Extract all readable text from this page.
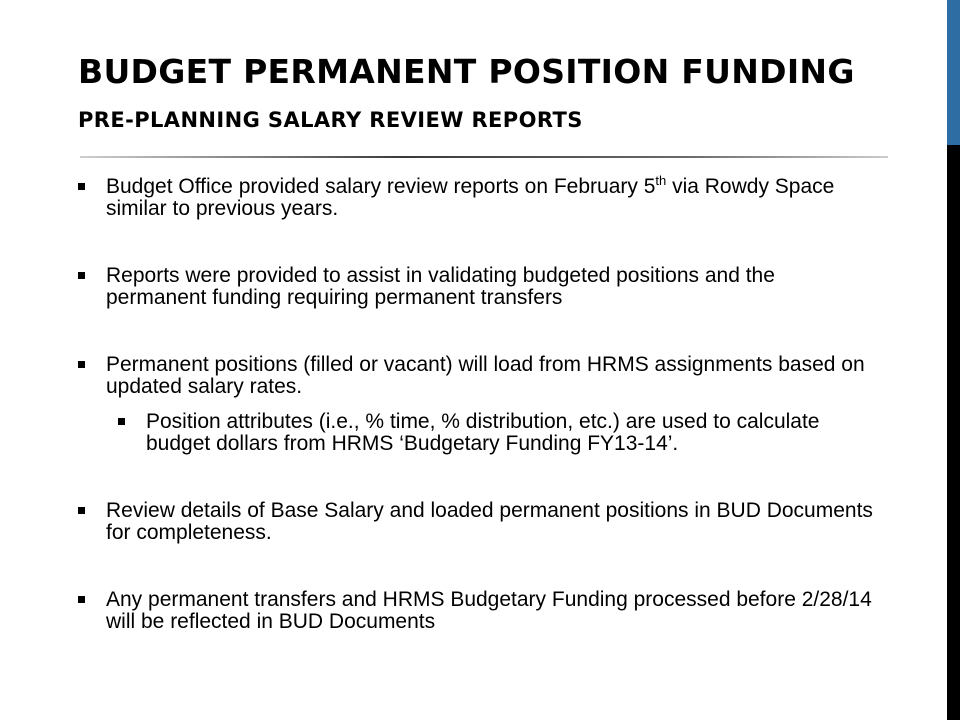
BUDGET PERMANENT POSITION FUNDING
PRE-PLANNING SALARY REVIEW REPORTS
Budget Office provided salary review reports on February 5th via Rowdy Space similar to previous years.
Reports were provided to assist in validating budgeted positions and the permanent funding requiring permanent transfers
Permanent positions (filled or vacant) will load from HRMS assignments based on updated salary rates.
Position attributes (i.e., % time, % distribution, etc.) are used to calculate budget dollars from HRMS ‘Budgetary Funding FY13-14’.
Review details of Base Salary and loaded permanent positions in BUD Documents for completeness.
Any permanent transfers and HRMS Budgetary Funding processed before 2/28/14 will be reflected in BUD Documents
